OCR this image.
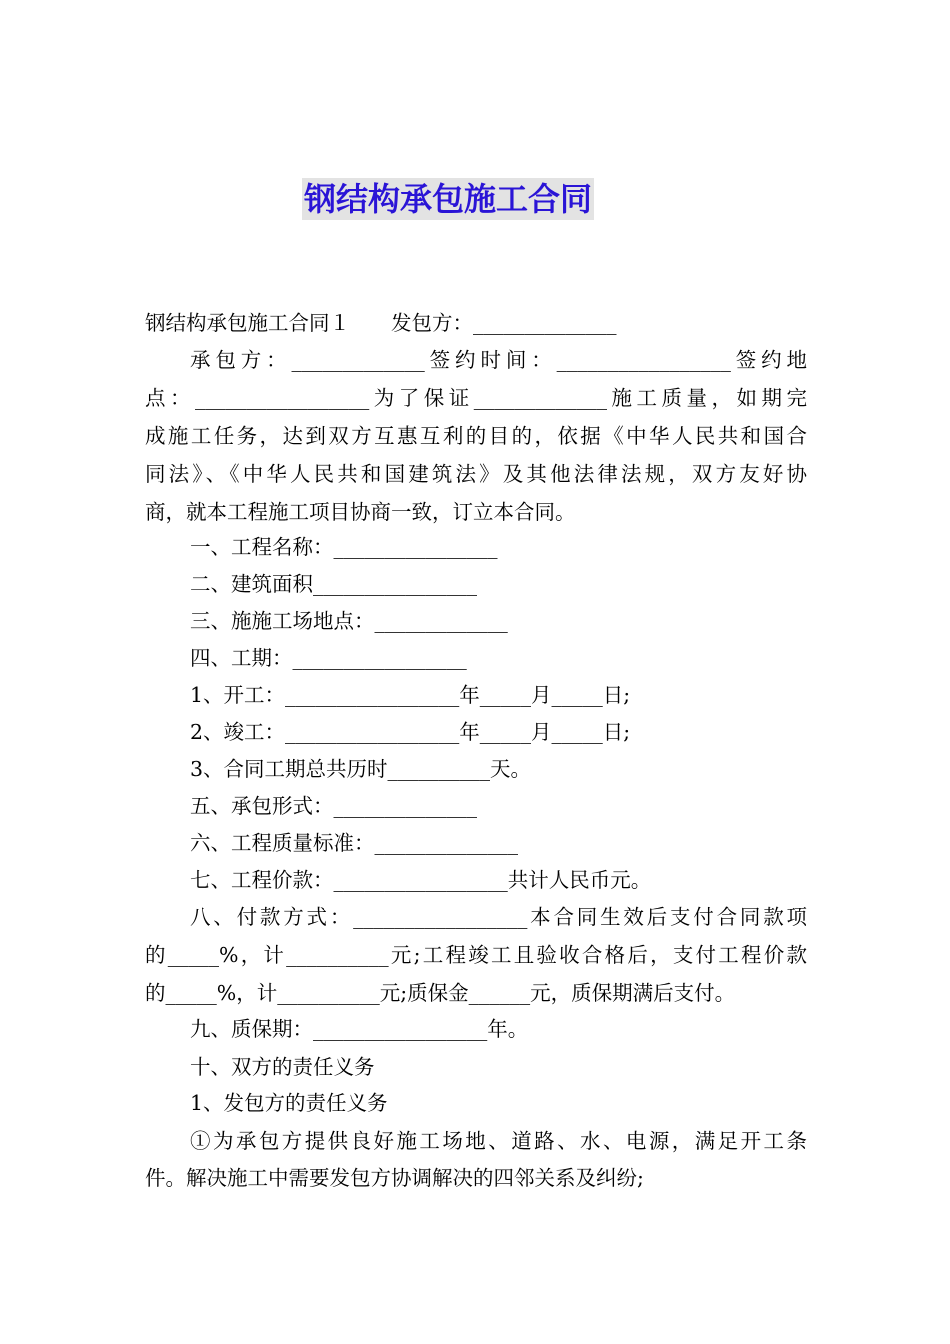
钢结构承包施工合同
钢结构承包施工合同１　　发包方：______________
承包方：_____________签约时间：_________________签约地
点：_________________为了保证_____________施工质量，如期完
成施工任务，达到双方互惠互利的目的，依据《中华人民共和国合
同法》、《中华人民共和国建筑法》及其他法律法规，双方友好协
商，就本工程施工项目协商一致，订立本合同。
一、工程名称：________________
二、建筑面积________________
三、施施工场地点：_____________
四、工期：_________________
1、开工：_________________年_____月_____日;
2、竣工：_________________年_____月_____日;
3、合同工期总共历时__________天。
五、承包形式：______________
六、工程质量标准：______________
七、工程价款：_________________共计人民币元。
八、付款方式：_________________本合同生效后支付合同款项
的_____%，计__________元;工程竣工且验收合格后，支付工程价款
的_____%，计__________元;质保金______元，质保期满后支付。
九、质保期：_________________年。
十、双方的责任义务
1、发包方的责任义务
①为承包方提供良好施工场地、道路、水、电源，满足开工条
件。解决施工中需要发包方协调解决的四邻关系及纠纷;
